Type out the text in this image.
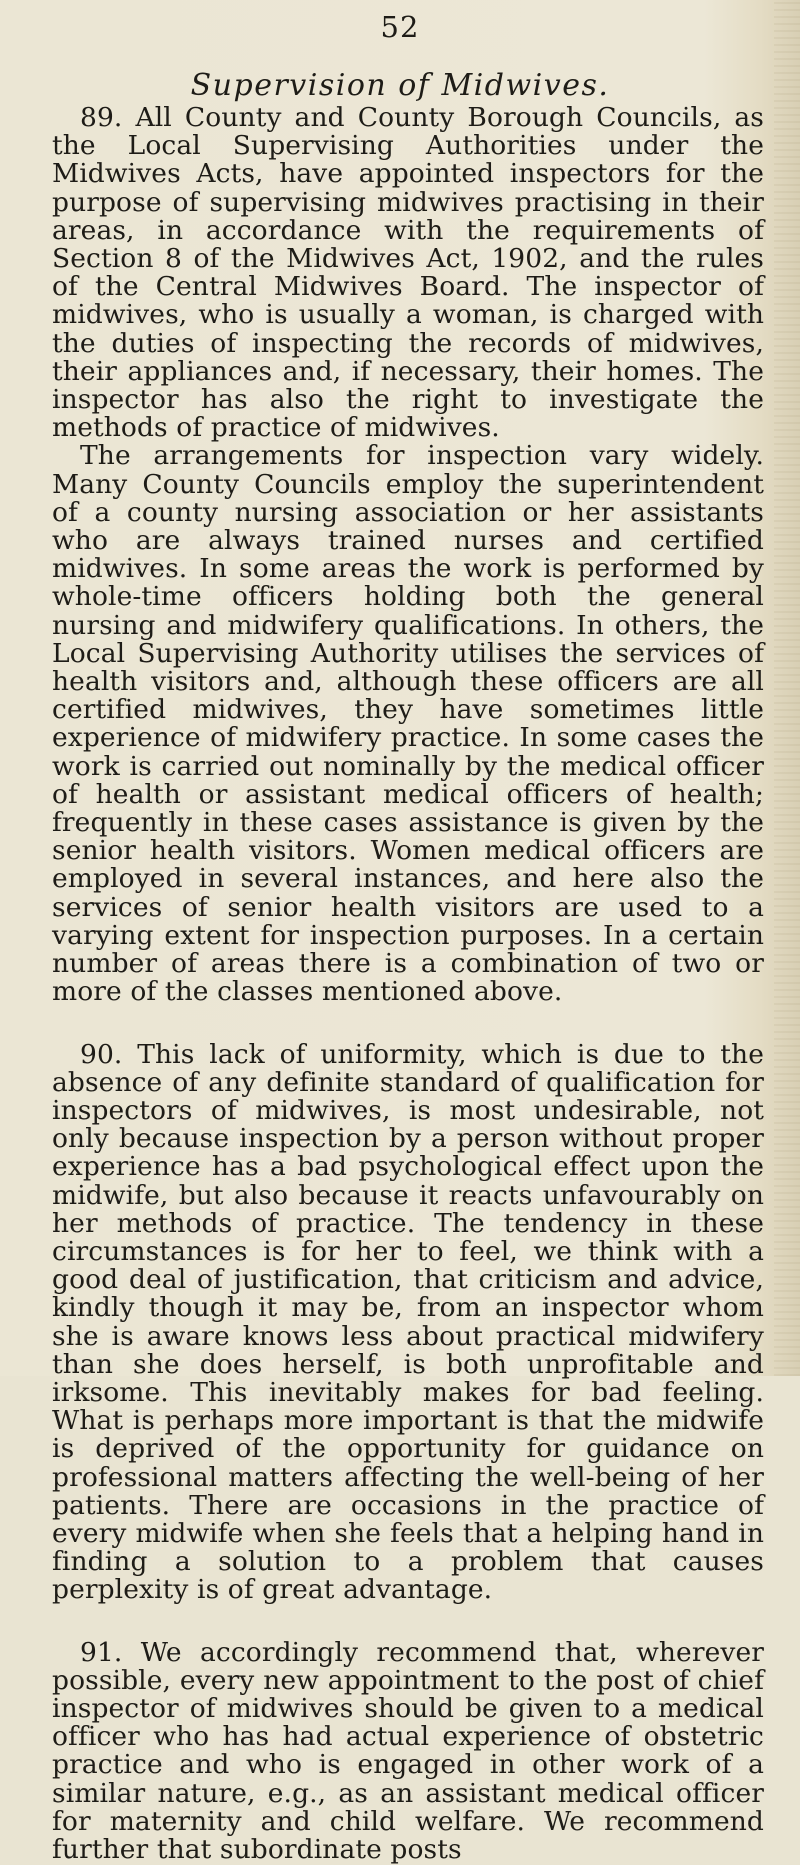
52
Supervision of Midwives.

89. All County and County Borough Councils, as the Local Supervising Authorities under the Midwives Acts, have appointed inspectors for the purpose of supervising midwives practising in their areas, in accordance with the requirements of Section 8 of the Midwives Act, 1902, and the rules of the Central Midwives Board. The inspector of midwives, who is usually a woman, is charged with the duties of inspecting the records of midwives, their appliances and, if necessary, their homes. The inspector has also the right to investigate the methods of practice of midwives.

The arrangements for inspection vary widely. Many County Councils employ the superintendent of a county nursing association or her assistants who are always trained nurses and certified midwives. In some areas the work is performed by whole-time officers holding both the general nursing and midwifery qualifications. In others, the Local Supervising Authority utilises the services of health visitors and, although these officers are all certified midwives, they have sometimes little experience of midwifery practice. In some cases the work is carried out nominally by the medical officer of health or assistant medical officers of health; frequently in these cases assistance is given by the senior health visitors. Women medical officers are employed in several instances, and here also the services of senior health visitors are used to a varying extent for inspection purposes. In a certain number of areas there is a combination of two or more of the classes mentioned above.

90. This lack of uniformity, which is due to the absence of any definite standard of qualification for inspectors of midwives, is most undesirable, not only because inspection by a person without proper experience has a bad psychological effect upon the midwife, but also because it reacts unfavourably on her methods of practice. The tendency in these circumstances is for her to feel, we think with a good deal of justification, that criticism and advice, kindly though it may be, from an inspector whom she is aware knows less about practical midwifery than she does herself, is both unprofitable and irksome. This inevitably makes for bad feeling. What is perhaps more important is that the midwife is deprived of the opportunity for guidance on professional matters affecting the well-being of her patients. There are occasions in the practice of every midwife when she feels that a helping hand in finding a solution to a problem that causes perplexity is of great advantage.

91. We accordingly recommend that, wherever possible, every new appointment to the post of chief inspector of midwives should be given to a medical officer who has had actual experience of obstetric practice and who is engaged in other work of a similar nature, e.g., as an assistant medical officer for maternity and child welfare. We recommend further that subordinate posts
